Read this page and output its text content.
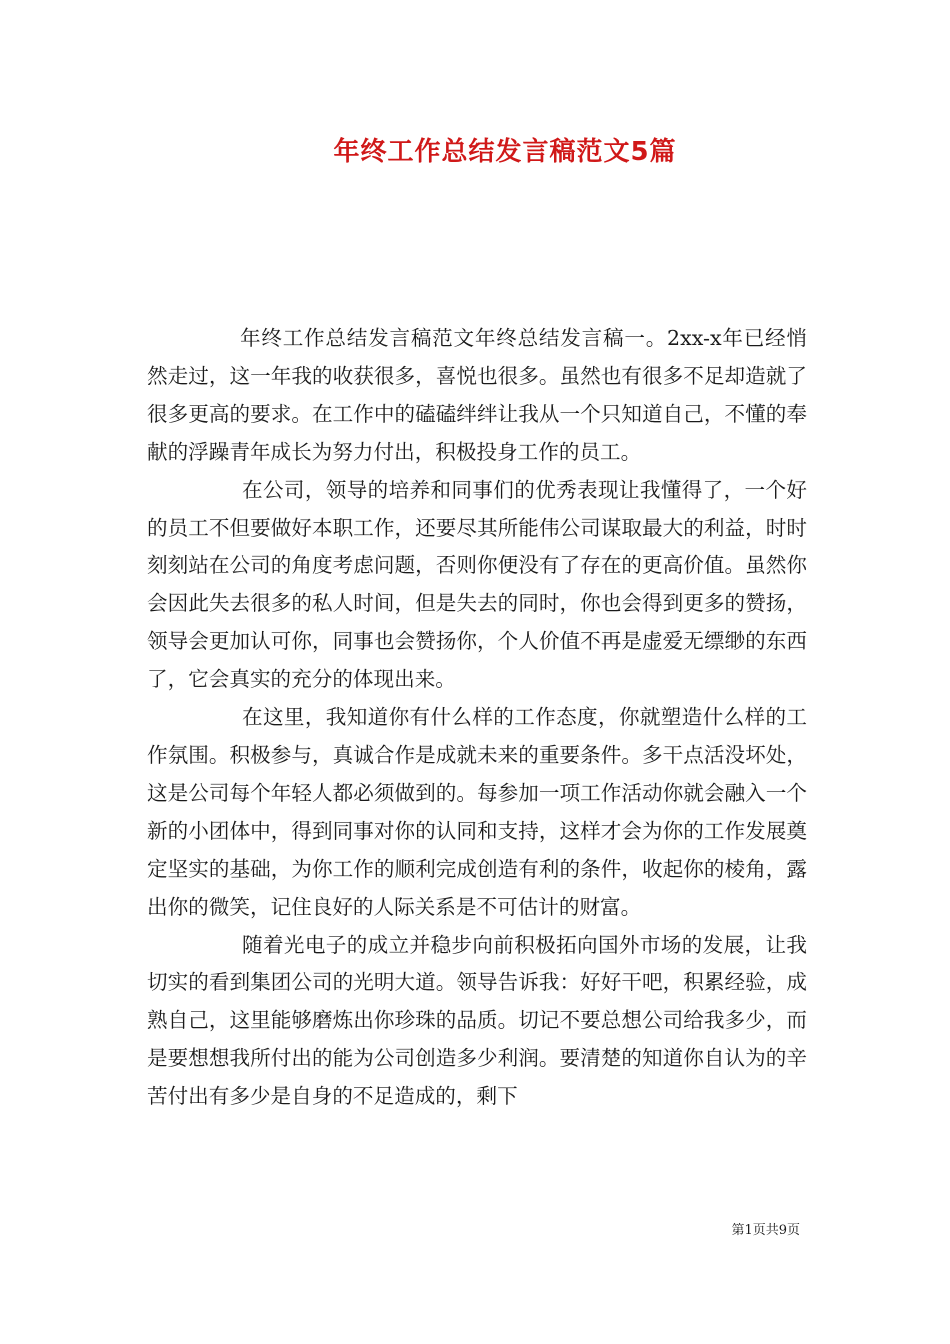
年终工作总结发言稿范文5篇

年终工作总结发言稿范文年终总结发言稿一。2xx-x年已经悄然走过，这一年我的收获很多，喜悦也很多。虽然也有很多不足却造就了很多更高的要求。在工作中的磕磕绊绊让我从一个只知道自己，不懂的奉献的浮躁青年成长为努力付出，积极投身工作的员工。

在公司，领导的培养和同事们的优秀表现让我懂得了，一个好的员工不但要做好本职工作，还要尽其所能伟公司谋取最大的利益，时时刻刻站在公司的角度考虑问题，否则你便没有了存在的更高价值。虽然你会因此失去很多的私人时间，但是失去的同时，你也会得到更多的赞扬，领导会更加认可你，同事也会赞扬你，个人价值不再是虚爱无缥缈的东西了，它会真实的充分的体现出来。

在这里，我知道你有什么样的工作态度，你就塑造什么样的工作氛围。积极参与，真诚合作是成就未来的重要条件。多干点活没坏处，这是公司每个年轻人都必须做到的。每参加一项工作活动你就会融入一个新的小团体中，得到同事对你的认同和支持，这样才会为你的工作发展奠定坚实的基础，为你工作的顺利完成创造有利的条件，收起你的棱角，露出你的微笑，记住良好的人际关系是不可估计的财富。

随着光电子的成立并稳步向前积极拓向国外市场的发展，让我切实的看到集团公司的光明大道。领导告诉我：好好干吧，积累经验，成熟自己，这里能够磨炼出你珍珠的品质。切记不要总想公司给我多少，而是要想想我所付出的能为公司创造多少利润。要清楚的知道你自认为的辛苦付出有多少是自身的不足造成的，剩下

第1页共9页
